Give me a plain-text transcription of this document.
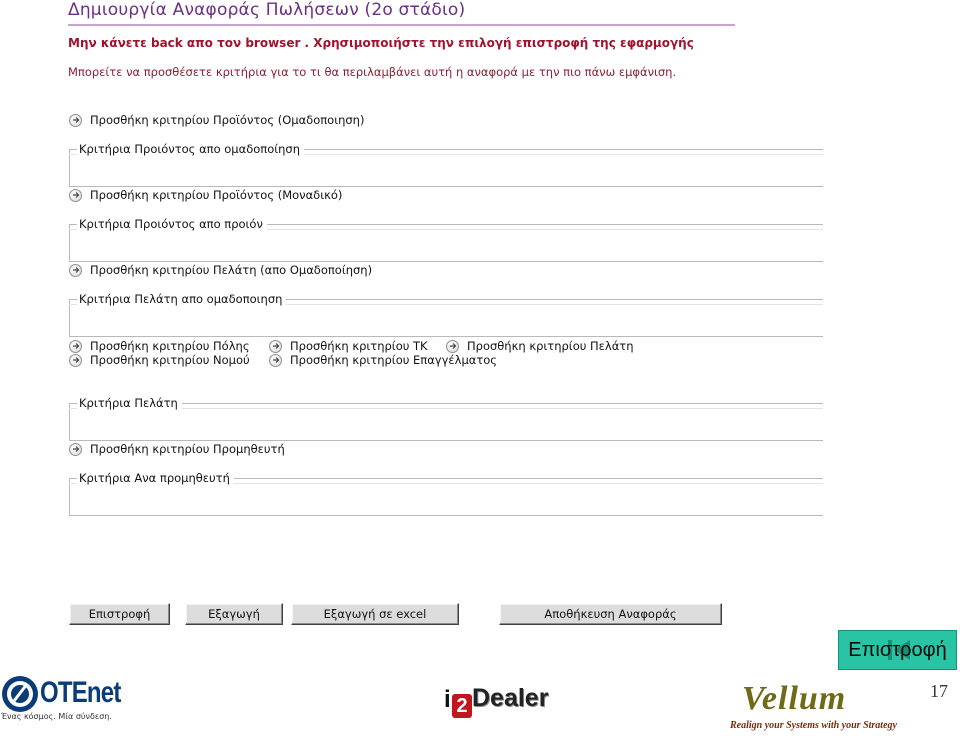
Δημιουργία Αναφοράς Πωλήσεων (2ο στάδιο)
Μην κάνετε back απο τον browser . Χρησιμοποιήστε την επιλογή επιστροφή της εφαρμογής
Μπορείτε να προσθέσετε κριτήρια για το τι θα περιλαμβάνει αυτή η αναφορά με την πιο πάνω εμφάνιση.
Προσθήκη κριτηρίου Προϊόντος (Ομαδοποιηση)
Κριτήρια Προιόντος απο ομαδοποίηση
Προσθήκη κριτηρίου Προϊόντος (Μοναδικό)
Κριτήρια Προιόντος απο προιόν
Προσθήκη κριτηρίου Πελάτη (απο Ομαδοποίηση)
Κριτήρια Πελάτη απο ομαδοποιηση
Προσθήκη κριτηρίου Πόλης	Προσθήκη κριτηρίου ΤΚ	Προσθήκη κριτηρίου Πελάτη
Προσθήκη κριτηρίου Νομού	Προσθήκη κριτηρίου Επαγγέλματος
Κριτήρια Πελάτη
Προσθήκη κριτηρίου Προμηθευτή
Κριτήρια Ανα προμηθευτή
Επιστροφή	Εξαγωγή	Εξαγωγή σε excel	Αποθήκευση Αναφοράς
Επιστροφή
17
OTEnet
Ένας κόσμος. Μία σύνδεση.
i 2 Dealer	Vellum
Realign your Systems with your Strategy
